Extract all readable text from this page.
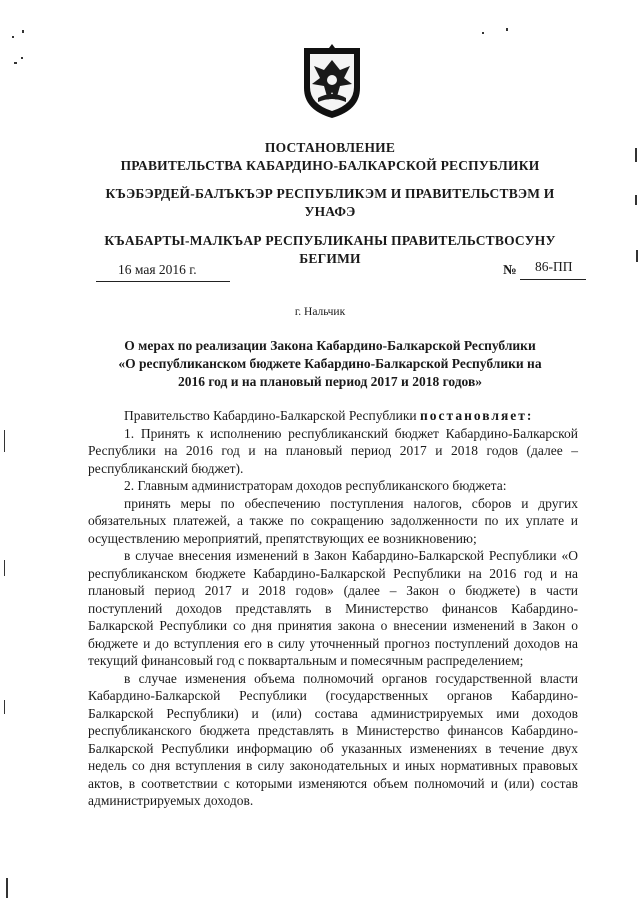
ПОСТАНОВЛЕНИЕ
ПРАВИТЕЛЬСТВА КАБАРДИНО-БАЛКАРСКОЙ РЕСПУБЛИКИ
КЪЭБЭРДЕЙ-БАЛЪКЪЭР РЕСПУБЛИКЭМ И ПРАВИТЕЛЬСТВЭМ И
УНАФЭ
КЪАБАРТЫ-МАЛКЪАР РЕСПУБЛИКАНЫ ПРАВИТЕЛЬСТВОСУНУ
БЕГИМИ
16 мая 2016 г.	№ 86-ПП
г. Нальчик
О мерах по реализации Закона Кабардино-Балкарской Республики
«О республиканском бюджете Кабардино-Балкарской Республики на
2016 год и на плановый период 2017 и 2018 годов»

Правительство Кабардино-Балкарской Республики постановляет:

1. Принять к исполнению республиканский бюджет Кабардино-Балкарской Республики на 2016 год и на плановый период 2017 и 2018 годов (далее – республиканский бюджет).

2. Главным администраторам доходов республиканского бюджета:

принять меры по обеспечению поступления налогов, сборов и других обязательных платежей, а также по сокращению задолженности по их уплате и осуществлению мероприятий, препятствующих ее возникновению;

в случае внесения изменений в Закон Кабардино-Балкарской Республики «О республиканском бюджете Кабардино-Балкарской Республики на 2016 год и на плановый период 2017 и 2018 годов» (далее – Закон о бюджете) в части поступлений доходов представлять в Министерство финансов Кабардино-Балкарской Республики со дня принятия закона о внесении изменений в Закон о бюджете и до вступления его в силу уточненный прогноз поступлений доходов на текущий финансовый год с поквартальным и помесячным распределением;

в случае изменения объема полномочий органов государственной власти Кабардино-Балкарской Республики (государственных органов Кабардино-Балкарской Республики) и (или) состава администрируемых ими доходов республиканского бюджета представлять в Министерство финансов Кабардино-Балкарской Республики информацию об указанных изменениях в течение двух недель со дня вступления в силу законодательных и иных нормативных правовых актов, в соответствии с которыми изменяются объем полномочий и (или) состав администрируемых доходов.
